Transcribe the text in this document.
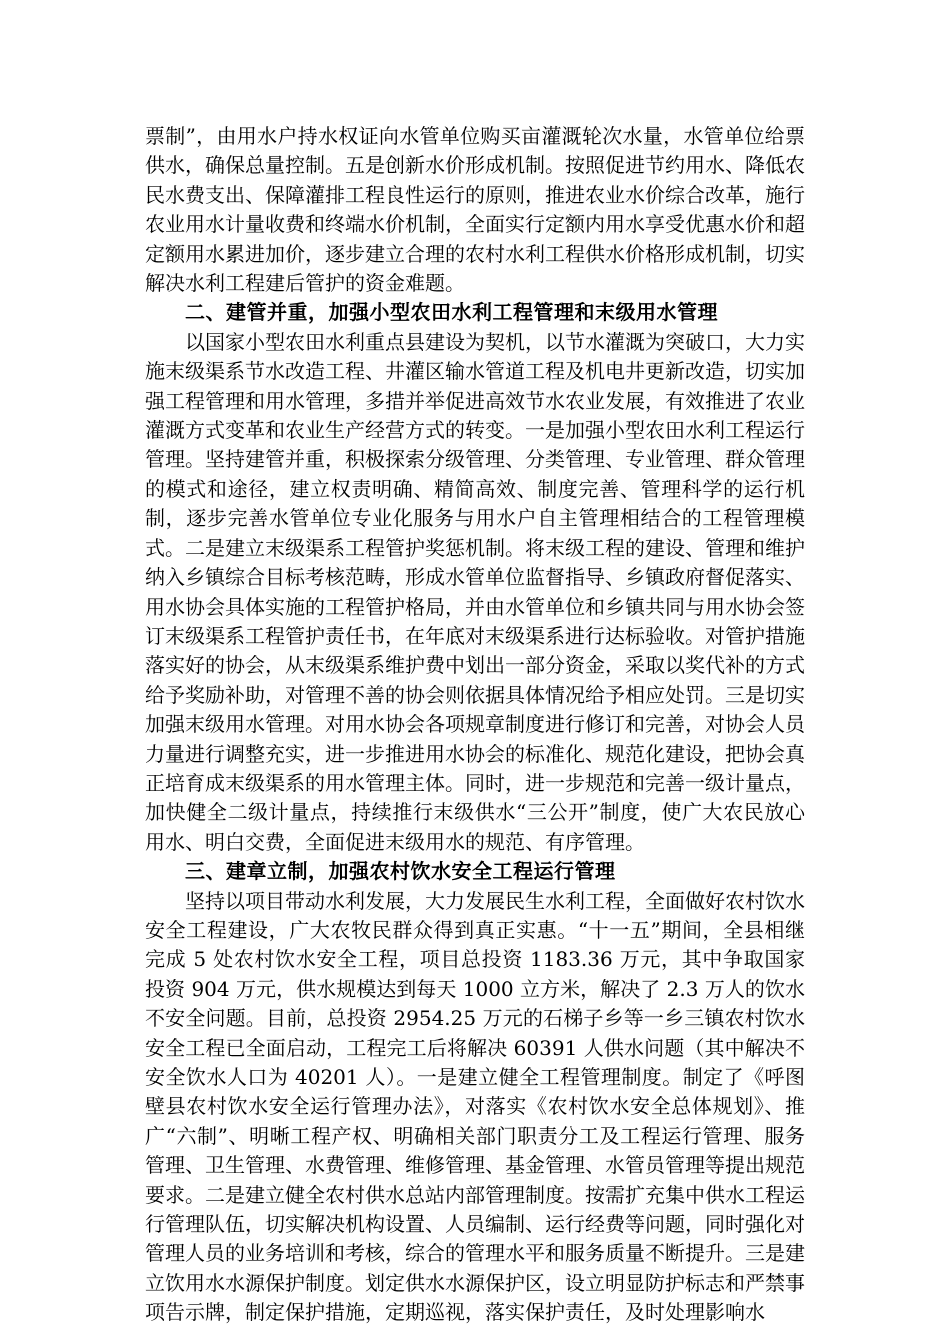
票制”，由用水户持水权证向水管单位购买亩灌溉轮次水量，水管单位给票供水，确保总量控制。五是创新水价形成机制。按照促进节约用水、降低农民水费支出、保障灌排工程良性运行的原则，推进农业水价综合改革，施行农业用水计量收费和终端水价机制，全面实行定额内用水享受优惠水价和超定额用水累进加价，逐步建立合理的农村水利工程供水价格形成机制，切实解决水利工程建后管护的资金难题。

二、建管并重，加强小型农田水利工程管理和末级用水管理

以国家小型农田水利重点县建设为契机，以节水灌溉为突破口，大力实施末级渠系节水改造工程、井灌区输水管道工程及机电井更新改造，切实加强工程管理和用水管理，多措并举促进高效节水农业发展，有效推进了农业灌溉方式变革和农业生产经营方式的转变。一是加强小型农田水利工程运行管理。坚持建管并重，积极探索分级管理、分类管理、专业管理、群众管理的模式和途径，建立权责明确、精简高效、制度完善、管理科学的运行机制，逐步完善水管单位专业化服务与用水户自主管理相结合的工程管理模式。二是建立末级渠系工程管护奖惩机制。将末级工程的建设、管理和维护纳入乡镇综合目标考核范畴，形成水管单位监督指导、乡镇政府督促落实、用水协会具体实施的工程管护格局，并由水管单位和乡镇共同与用水协会签订末级渠系工程管护责任书，在年底对末级渠系进行达标验收。对管护措施落实好的协会，从末级渠系维护费中划出一部分资金，采取以奖代补的方式给予奖励补助，对管理不善的协会则依据具体情况给予相应处罚。三是切实加强末级用水管理。对用水协会各项规章制度进行修订和完善，对协会人员力量进行调整充实，进一步推进用水协会的标准化、规范化建设，把协会真正培育成末级渠系的用水管理主体。同时，进一步规范和完善一级计量点，加快健全二级计量点，持续推行末级供水“三公开”制度，使广大农民放心用水、明白交费，全面促进末级用水的规范、有序管理。

三、建章立制，加强农村饮水安全工程运行管理

坚持以项目带动水利发展，大力发展民生水利工程，全面做好农村饮水安全工程建设，广大农牧民群众得到真正实惠。“十一五”期间，全县相继完成 5 处农村饮水安全工程，项目总投资 1183.36 万元，其中争取国家投资 904 万元，供水规模达到每天 1000 立方米，解决了 2.3 万人的饮水不安全问题。目前，总投资 2954.25 万元的石梯子乡等一乡三镇农村饮水安全工程已全面启动，工程完工后将解决 60391 人供水问题（其中解决不安全饮水人口为 40201 人）。一是建立健全工程管理制度。制定了《呼图壁县农村饮水安全运行管理办法》，对落实《农村饮水安全总体规划》、推广“六制”、明晰工程产权、明确相关部门职责分工及工程运行管理、服务管理、卫生管理、水费管理、维修管理、基金管理、水管员管理等提出规范要求。二是建立健全农村供水总站内部管理制度。按需扩充集中供水工程运行管理队伍，切实解决机构设置、人员编制、运行经费等问题，同时强化对管理人员的业务培训和考核，综合的管理水平和服务质量不断提升。三是建立饮用水水源保护制度。划定供水水源保护区，设立明显防护标志和严禁事项告示牌，制定保护措施，定期巡视，落实保护责任，及时处理影响水
